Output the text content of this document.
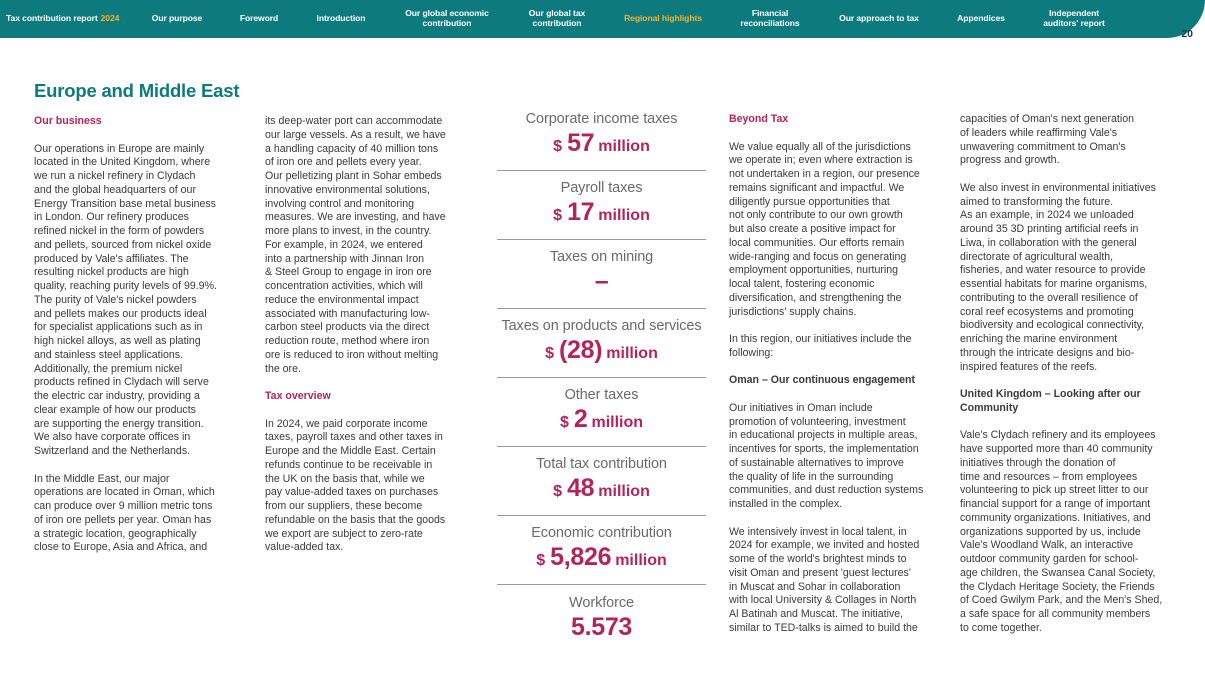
Tax contribution report 2024	Our purpose	Foreword	Introduction
Our global economic
contribution
Our global tax
contribution
Regional highlights
Financial
reconciliations
Our approach to tax	Appendices
Independent
auditors' report
20
Europe and Middle East

Our business

Our operations in Europe are mainly
located in the United Kingdom, where
we run a nickel refinery in Clydach
and the global headquarters of our
Energy Transition base metal business
in London. Our refinery produces
refined nickel in the form of powders
and pellets, sourced from nickel oxide
produced by Vale's affiliates. The
resulting nickel products are high
quality, reaching purity levels of 99.9%.
The purity of Vale's nickel powders
and pellets makes our products ideal
for specialist applications such as in
high nickel alloys, as well as plating
and stainless steel applications.
Additionally, the premium nickel
products refined in Clydach will serve
the electric car industry, providing a
clear example of how our products
are supporting the energy transition.
We also have corporate offices in
Switzerland and the Netherlands.
In the Middle East, our major
operations are located in Oman, which
can produce over 9 million metric tons
of iron ore pellets per year. Oman has
a strategic location, geographically
close to Europe, Asia and Africa, and
its deep-water port can accommodate
our large vessels. As a result, we have
a handling capacity of 40 million tons
of iron ore and pellets every year.
Our pelletizing plant in Sohar embeds
innovative environmental solutions,
involving control and monitoring
measures. We are investing, and have
more plans to invest, in the country.
For example, in 2024, we entered
into a partnership with Jinnan Iron
& Steel Group to engage in iron ore
concentration activities, which will
reduce the environmental impact
associated with manufacturing low-
carbon steel products via the direct
reduction route, method where iron
ore is reduced to iron without melting
the ore.

Tax overview

In 2024, we paid corporate income
taxes, payroll taxes and other taxes in
Europe and the Middle East. Certain
refunds continue to be receivable in
the UK on the basis that, while we
pay value-added taxes on purchases
from our suppliers, these become
refundable on the basis that the goods
we export are subject to zero-rate
value-added tax.
Corporate income taxes
$ 57 million
Payroll taxes
$ 17 million
Taxes on mining
–
Taxes on products and services
$ (28) million
Other taxes
$ 2 million
Total tax contribution
$ 48 million
Economic contribution
$ 5,826 million
Workforce
5.573

Beyond Tax

We value equally all of the jurisdictions
we operate in; even where extraction is
not undertaken in a region, our presence
remains significant and impactful. We
diligently pursue opportunities that
not only contribute to our own growth
but also create a positive impact for
local communities. Our efforts remain
wide-ranging and focus on generating
employment opportunities, nurturing
local talent, fostering economic
diversification, and strengthening the
jurisdictions' supply chains.
In this region, our initiatives include the
following:

Oman – Our continuous engagement

Our initiatives in Oman include
promotion of volunteering, investment
in educational projects in multiple areas,
incentives for sports, the implementation
of sustainable alternatives to improve
the quality of life in the surrounding
communities, and dust reduction systems
installed in the complex.
We intensively invest in local talent, in
2024 for example, we invited and hosted
some of the world's brightest minds to
visit Oman and present 'guest lectures'
in Muscat and Sohar in collaboration
with local University & Collages in North
Al Batinah and Muscat. The initiative,
similar to TED-talks is aimed to build the
capacities of Oman's next generation
of leaders while reaffirming Vale's
unwavering commitment to Oman's
progress and growth.
We also invest in environmental initiatives
aimed to transforming the future.
As an example, in 2024 we unloaded
around 35 3D printing artificial reefs in
Liwa, in collaboration with the general
directorate of agricultural wealth,
fisheries, and water resource to provide
essential habitats for marine organisms,
contributing to the overall resilience of
coral reef ecosystems and promoting
biodiversity and ecological connectivity,
enriching the marine environment
through the intricate designs and bio-
inspired features of the reefs.
United Kingdom – Looking after our
Community
Vale's Clydach refinery and its employees
have supported more than 40 community
initiatives through the donation of
time and resources – from employees
volunteering to pick up street litter to our
financial support for a range of important
community organizations. Initiatives, and
organizations supported by us, include
Vale's Woodland Walk, an interactive
outdoor community garden for school-
age children, the Swansea Canal Society,
the Clydach Heritage Society, the Friends
of Coed Gwilym Park, and the Men's Shed,
a safe space for all community members
to come together.
